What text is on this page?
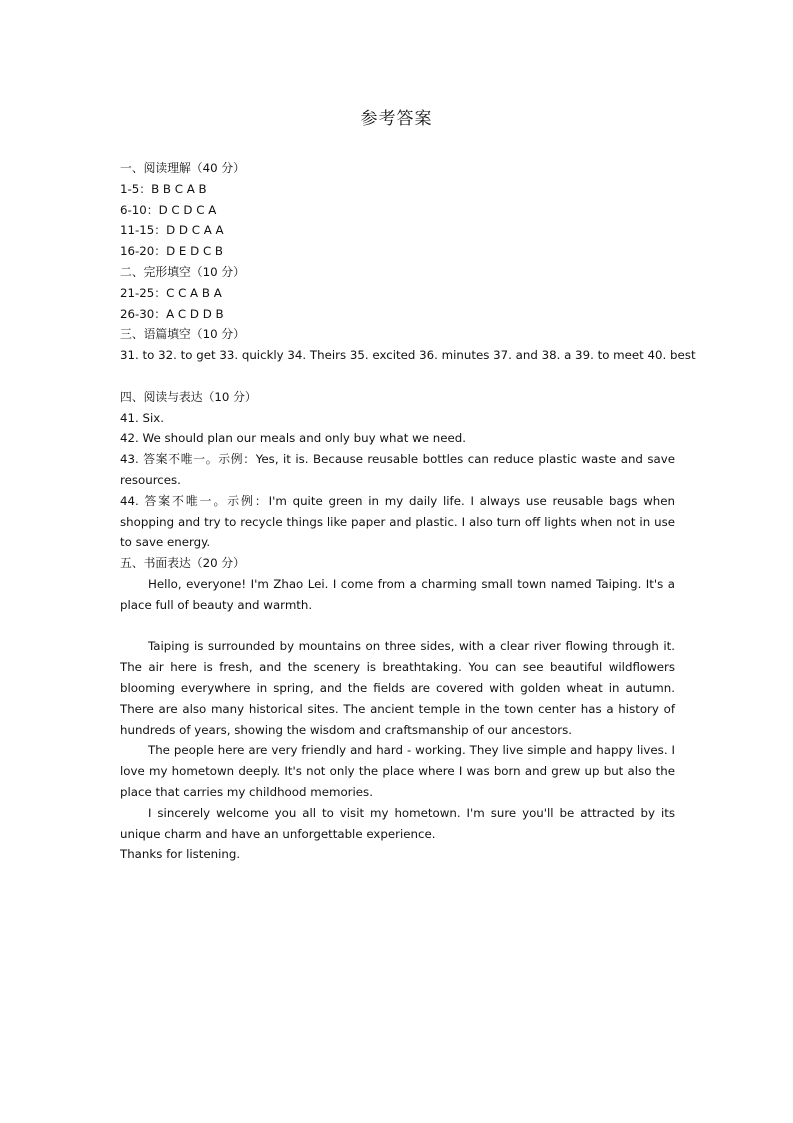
参考答案
一、阅读理解（40 分）
1-5：B B C A B
6-10：D C D C A
11-15：D D C A A
16-20：D E D C B
二、完形填空（10 分）
21-25：C C A B A
26-30：A C D D B
三、语篇填空（10 分）
31. to 32. to get 33. quickly 34. Theirs 35. excited 36. minutes 37. and 38. a 39. to meet 40. best
四、阅读与表达（10 分）
41. Six.
42. We should plan our meals and only buy what we need.
43. 答案不唯一。示例：Yes, it is. Because reusable bottles can reduce plastic waste and save resources.
44. 答案不唯一。示例：I'm quite green in my daily life. I always use reusable bags when shopping and try to recycle things like paper and plastic. I also turn off lights when not in use to save energy.
五、书面表达（20 分）
Hello, everyone! I'm Zhao Lei. I come from a charming small town named Taiping. It's a place full of beauty and warmth.
Taiping is surrounded by mountains on three sides, with a clear river flowing through it. The air here is fresh, and the scenery is breathtaking. You can see beautiful wildflowers blooming everywhere in spring, and the fields are covered with golden wheat in autumn. There are also many historical sites. The ancient temple in the town center has a history of hundreds of years, showing the wisdom and craftsmanship of our ancestors.
The people here are very friendly and hard - working. They live simple and happy lives. I love my hometown deeply. It's not only the place where I was born and grew up but also the place that carries my childhood memories.
I sincerely welcome you all to visit my hometown. I'm sure you'll be attracted by its unique charm and have an unforgettable experience.
Thanks for listening.
